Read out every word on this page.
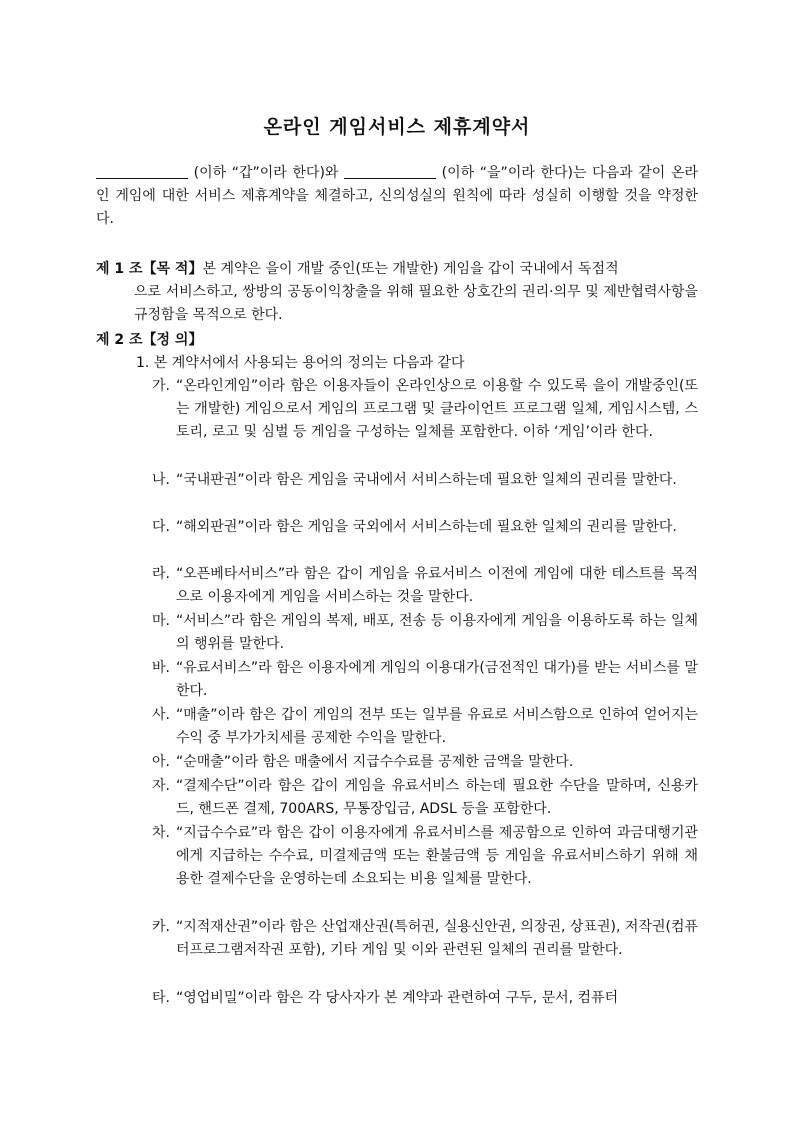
온라인 게임서비스 제휴계약서
(이하 “갑”이라 한다)와	(이하 “을”이라 한다)는 다음과 같이 온라인 게임에 대한 서비스 제휴계약을 체결하고, 신의성실의 원칙에 따라 성실히 이행할 것을 약정한다.
제 1 조【목 적】본 계약은 을이 개발 중인(또는 개발한) 게임을 갑이 국내에서 독점적
으로 서비스하고, 쌍방의 공동이익창출을 위해 필요한 상호간의 권리·의무 및 제반협력사항을 규정함을 목적으로 한다.
제 2 조【정 의】
1. 본 계약서에서 사용되는 용어의 정의는 다음과 같다
가. “온라인게임”이라 함은 이용자들이 온라인상으로 이용할 수 있도록 을이 개발중인(또는 개발한) 게임으로서 게임의 프로그램 및 클라이언트 프로그램 일체, 게임시스템, 스토리, 로고 및 심벌 등 게임을 구성하는 일체를 포함한다. 이하 ‘게임’이라 한다.
나. “국내판권”이라 함은 게임을 국내에서 서비스하는데 필요한 일체의 권리를 말한다.
다. “해외판권”이라 함은 게임을 국외에서 서비스하는데 필요한 일체의 권리를 말한다.
라. “오픈베타서비스”라 함은 갑이 게임을 유료서비스 이전에 게임에 대한 테스트를 목적으로 이용자에게 게임을 서비스하는 것을 말한다.
마. “서비스”라 함은 게임의 복제, 배포, 전송 등 이용자에게 게임을 이용하도록 하는 일체의 행위를 말한다.
바. “유료서비스”라 함은 이용자에게 게임의 이용대가(금전적인 대가)를 받는 서비스를 말한다.
사. “매출”이라 함은 갑이 게임의 전부 또는 일부를 유료로 서비스함으로 인하여 얻어지는 수익 중 부가가치세를 공제한 수익을 말한다.
아. “순매출”이라 함은 매출에서 지급수수료를 공제한 금액을 말한다.
자. “결제수단”이라 함은 갑이 게임을 유료서비스 하는데 필요한 수단을 말하며, 신용카드, 핸드폰 결제, 700ARS, 무통장입금, ADSL 등을 포함한다.
차. “지급수수료”라 함은 갑이 이용자에게 유료서비스를 제공함으로 인하여 과금대행기관에게 지급하는 수수료, 미결제금액 또는 환불금액 등 게임을 유료서비스하기 위해 채용한 결제수단을 운영하는데 소요되는 비용 일체를 말한다.
카. “지적재산권”이라 함은 산업재산권(특허권, 실용신안권, 의장권, 상표권), 저작권(컴퓨터프로그램저작권 포함), 기타 게임 및 이와 관련된 일체의 권리를 말한다.
타. “영업비밀”이라 함은 각 당사자가 본 계약과 관련하여 구두, 문서, 컴퓨터
